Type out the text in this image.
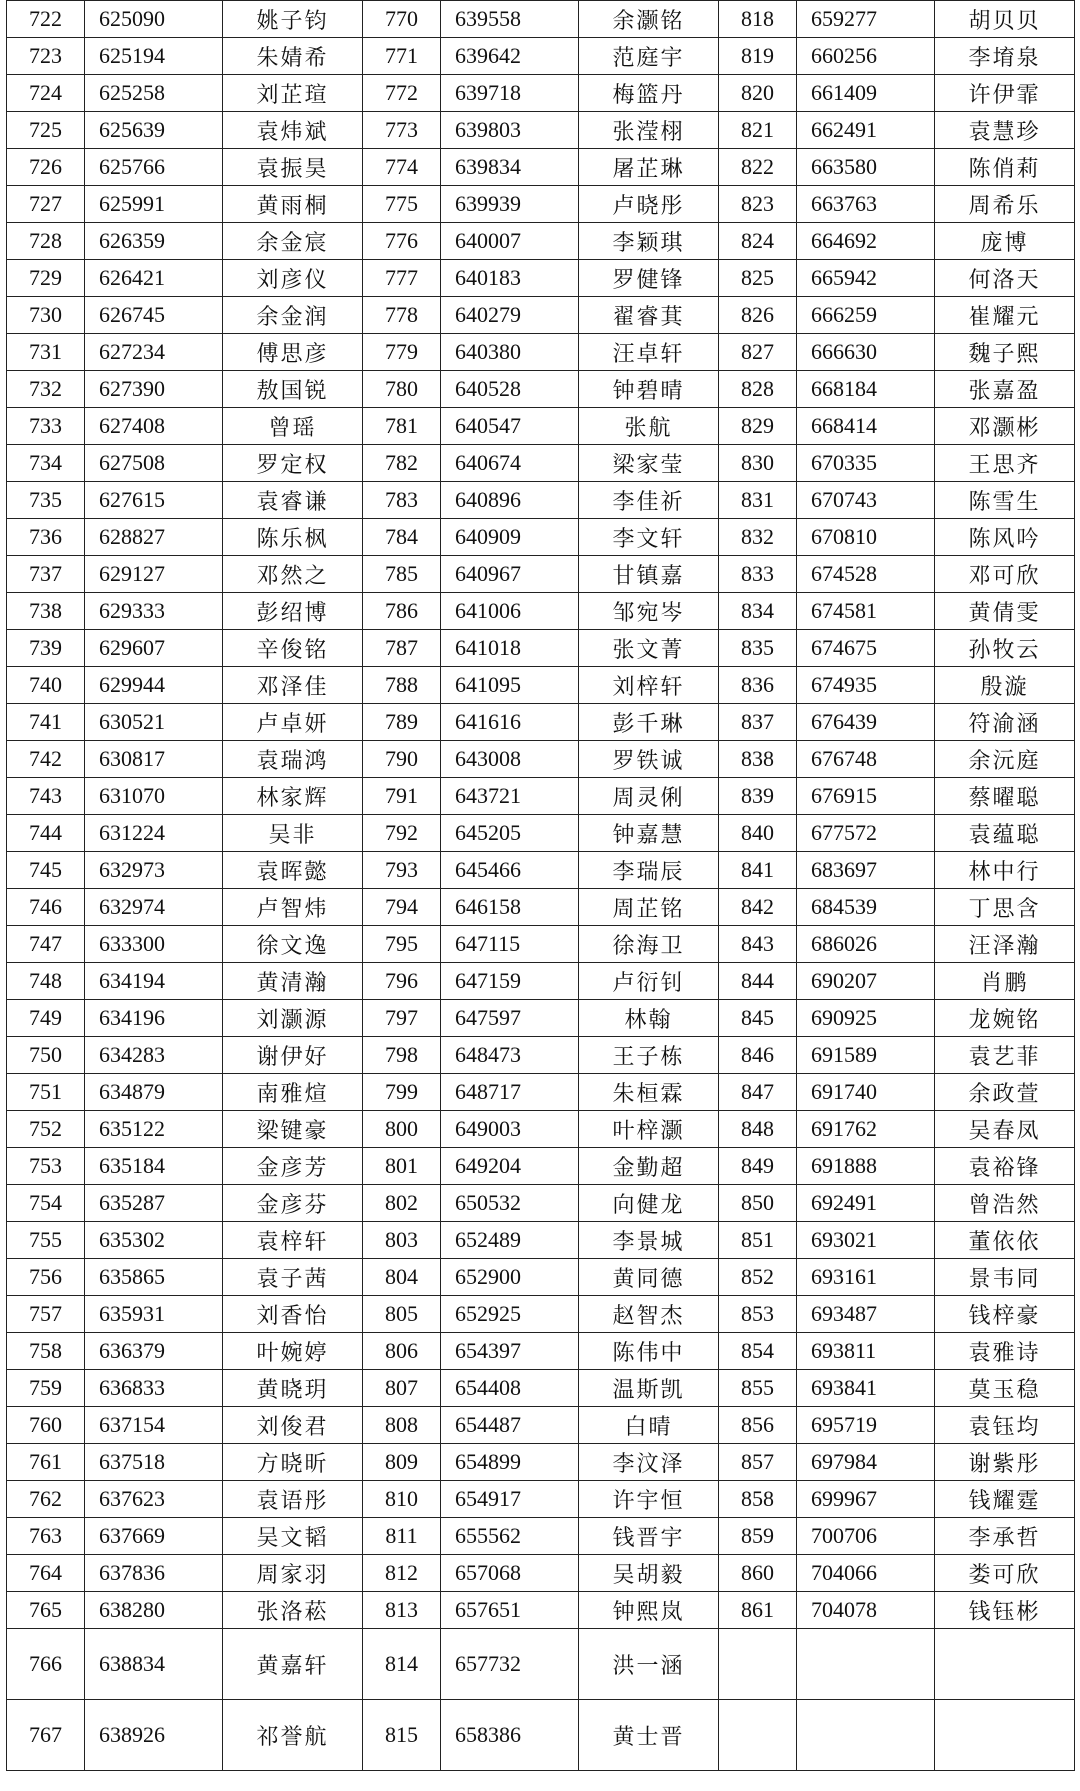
722	625090	姚子钧	770	639558	余灏铭	818	659277	胡贝贝
723	625194	朱婧希	771	639642	范庭宇	819	660256	李堉泉
724	625258	刘芷瑄	772	639718	梅篮丹	820	661409	许伊霏
725	625639	袁炜斌	773	639803	张滢栩	821	662491	袁慧珍
726	625766	袁振昊	774	639834	屠芷琳	822	663580	陈俏莉
727	625991	黄雨桐	775	639939	卢晓彤	823	663763	周希乐
728	626359	余金宸	776	640007	李颖琪	824	664692	庞博
729	626421	刘彦仪	777	640183	罗健锋	825	665942	何洛天
730	626745	余金润	778	640279	翟睿萁	826	666259	崔耀元
731	627234	傅思彦	779	640380	汪卓轩	827	666630	魏子熙
732	627390	敖国锐	780	640528	钟碧晴	828	668184	张嘉盈
733	627408	曾瑶	781	640547	张航	829	668414	邓灏彬
734	627508	罗定权	782	640674	梁家莹	830	670335	王思齐
735	627615	袁睿谦	783	640896	李佳祈	831	670743	陈雪生
736	628827	陈乐枫	784	640909	李文轩	832	670810	陈风吟
737	629127	邓然之	785	640967	甘镇嘉	833	674528	邓可欣
738	629333	彭绍博	786	641006	邹宛岑	834	674581	黄倩雯
739	629607	辛俊铭	787	641018	张文菁	835	674675	孙牧云
740	629944	邓泽佳	788	641095	刘梓轩	836	674935	殷漩
741	630521	卢卓妍	789	641616	彭千琳	837	676439	符渝涵
742	630817	袁瑞鸿	790	643008	罗铁诚	838	676748	余沅庭
743	631070	林家辉	791	643721	周灵俐	839	676915	蔡曜聪
744	631224	吴非	792	645205	钟嘉慧	840	677572	袁蕴聪
745	632973	袁晖懿	793	645466	李瑞辰	841	683697	林中行
746	632974	卢智炜	794	646158	周芷铭	842	684539	丁思含
747	633300	徐文逸	795	647115	徐海卫	843	686026	汪泽瀚
748	634194	黄清瀚	796	647159	卢衍钊	844	690207	肖鹏
749	634196	刘灏源	797	647597	林翰	845	690925	龙婉铭
750	634283	谢伊好	798	648473	王子栋	846	691589	袁艺菲
751	634879	南雅煊	799	648717	朱桓霖	847	691740	余政萱
752	635122	梁键豪	800	649003	叶梓灏	848	691762	吴春凤
753	635184	金彦芳	801	649204	金勤超	849	691888	袁裕锋
754	635287	金彦芬	802	650532	向健龙	850	692491	曾浩然
755	635302	袁梓轩	803	652489	李景城	851	693021	董依依
756	635865	袁子茜	804	652900	黄同德	852	693161	景韦同
757	635931	刘香怡	805	652925	赵智杰	853	693487	钱梓豪
758	636379	叶婉婷	806	654397	陈伟中	854	693811	袁雅诗
759	636833	黄晓玥	807	654408	温斯凯	855	693841	莫玉稳
760	637154	刘俊君	808	654487	白晴	856	695719	袁钰均
761	637518	方晓昕	809	654899	李汶泽	857	697984	谢紫彤
762	637623	袁语彤	810	654917	许宇恒	858	699967	钱耀霆
763	637669	吴文韬	811	655562	钱晋宇	859	700706	李承哲
764	637836	周家羽	812	657068	吴胡毅	860	704066	娄可欣
765	638280	张洛菘	813	657651	钟熙岚	861	704078	钱钰彬
766	638834	黄嘉轩	814	657732	洪一涵			
767	638926	祁誉航	815	658386	黄士晋			
